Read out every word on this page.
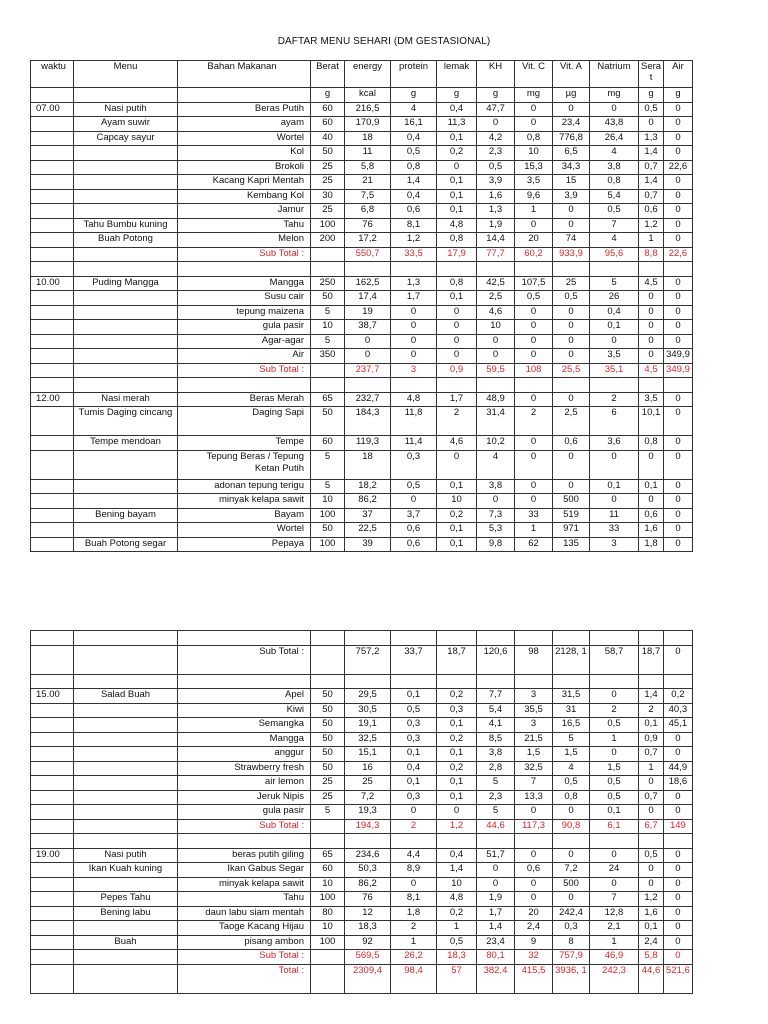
DAFTAR MENU SEHARI (DM GESTASIONAL)
waktu	Menu	Bahan Makanan	Berat	energy	protein	lemak	KH	Vit. C	Vit. A	Natrium	Sera t	Air
			g	kcal	g	g	g	mg	µg	mg	g	g
07.00	Nasi putih	Beras Putih	60	216,5	4	0,4	47,7	0	0	0	0,5	0
	Ayam suwir	ayam	60	170,9	16,1	11,3	0	0	23,4	43,8	0	0
	Capcay sayur	Wortel	40	18	0,4	0,1	4,2	0,8	776,8	26,4	1,3	0
		Kol	50	11	0,5	0,2	2,3	10	6,5	4	1,4	0
		Brokoli	25	5,8	0,8	0	0,5	15,3	34,3	3,8	0,7	22,6
		Kacang Kapri Mentah	25	21	1,4	0,1	3,9	3,5	15	0,8	1,4	0
		Kembang Kol	30	7,5	0,4	0,1	1,6	9,6	3,9	5,4	0,7	0
		Jamur	25	6,8	0,6	0,1	1,3	1	0	0,5	0,6	0
	Tahu Bumbu kuning	Tahu	100	76	8,1	4,8	1,9	0	0	7	1,2	0
	Buah Potong	Melon	200	17,2	1,2	0,8	14,4	20	74	4	1	0
		Sub Total :		550,7	33,5	17,9	77,7	60,2	933,9	95,6	8,8	22,6

10.00	Puding Mangga	Mangga	250	162,5	1,3	0,8	42,5	107,5	25	5	4,5	0
		Susu cair	50	17,4	1,7	0,1	2,5	0,5	0,5	26	0	0
		tepung maizena	5	19	0	0	4,6	0	0	0,4	0	0
		gula pasir	10	38,7	0	0	10	0	0	0,1	0	0
		Agar-agar	5	0	0	0	0	0	0	0	0	0
		Air	350	0	0	0	0	0	0	3,5	0	349,9
		Sub Total :		237,7	3	0,9	59,5	108	25,5	35,1	4,5	349,9

12.00	Nasi merah	Beras Merah	65	232,7	4,8	1,7	48,9	0	0	2	3,5	0
	Tumis Daging cincang	Daging Sapi	50	184,3	11,8	2	31,4	2	2,5	6	10,1	0
	Tempe mendoan	Tempe	60	119,3	11,4	4,6	10,2	0	0,6	3,6	0,8	0
		Tepung Beras / Tepung Ketan Putih	5	18	0,3	0	4	0	0	0	0	0
		adonan tepung terigu	5	18,2	0,5	0,1	3,8	0	0	0,1	0,1	0
		minyak kelapa sawit	10	86,2	0	10	0	0	500	0	0	0
	Bening bayam	Bayam	100	37	3,7	0,2	7,3	33	519	11	0,6	0
		Wortel	50	22,5	0,6	0,1	5,3	1	971	33	1,6	0
	Buah Potong segar	Pepaya	100	39	0,6	0,1	9,8	62	135	3	1,8	0

		Sub Total :		757,2	33,7	18,7	120,6	98	2128, 1	58,7	18,7	0

15.00	Salad Buah	Apel	50	29,5	0,1	0,2	7,7	3	31,5	0	1,4	0,2
		Kiwi	50	30,5	0,5	0,3	5,4	35,5	31	2	2	40,3
		Semangka	50	19,1	0,3	0,1	4,1	3	16,5	0,5	0,1	45,1
		Mangga	50	32,5	0,3	0,2	8,5	21,5	5	1	0,9	0
		anggur	50	15,1	0,1	0,1	3,8	1,5	1,5	0	0,7	0
		Strawberry fresh	50	16	0,4	0,2	2,8	32,5	4	1,5	1	44,9
		air lemon	25	25	0,1	0,1	5	7	0,5	0,5	0	18,6
		Jeruk Nipis	25	7,2	0,3	0,1	2,3	13,3	0,8	0,5	0,7	0
		gula pasir	5	19,3	0	0	5	0	0	0,1	0	0
		Sub Total :		194,3	2	1,2	44,6	117,3	90,8	6,1	6,7	149

19.00	Nasi putih	beras putih giling	65	234,6	4,4	0,4	51,7	0	0	0	0,5	0
	Ikan Kuah kuning	Ikan Gabus Segar	60	50,3	8,9	1,4	0	0,6	7,2	24	0	0
		minyak kelapa sawit	10	86,2	0	10	0	0	500	0	0	0
	Pepes Tahu	Tahu	100	76	8,1	4,8	1,9	0	0	7	1,2	0
	Bening labu	daun labu siam mentah	80	12	1,8	0,2	1,7	20	242,4	12,8	1,6	0
		Taoge Kacang Hijau	10	18,3	2	1	1,4	2,4	0,3	2,1	0,1	0
	Buah	pisang ambon	100	92	1	0,5	23,4	9	8	1	2,4	0
		Sub Total :		569,5	26,2	18,3	80,1	32	757,9	46,9	5,8	0
		Total :		2309,4	98,4	57	382,4	415,5	3936, 1	242,3	44,6	521,6
